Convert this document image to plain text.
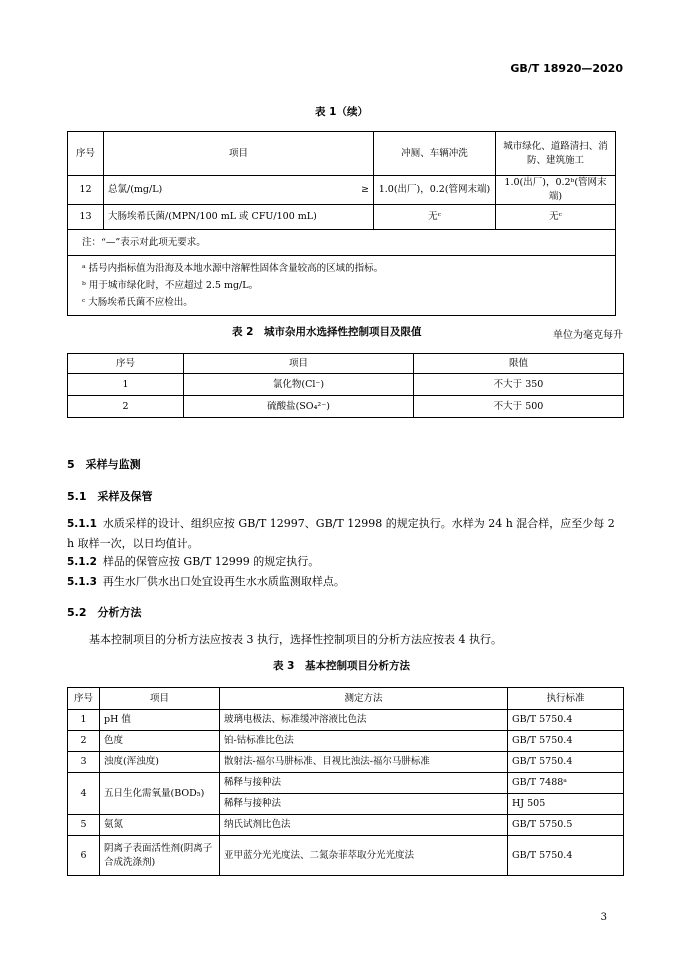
GB/T 18920—2020
表 1（续）
序号	项目	冲厕、车辆冲洗	城市绿化、道路清扫、消防、建筑施工
12	总氯/(mg/L) ≥	1.0(出厂)，0.2(管网末端)	1.0(出厂)，0.2ᵇ(管网末端)
13	大肠埃希氏菌/(MPN/100 mL 或 CFU/100 mL)	无ᶜ	无ᶜ
注：“—”表示对此项无要求。			

ᵃ 括号内指标值为沿海及本地水源中溶解性固体含量较高的区域的指标。
ᵇ 用于城市绿化时，不应超过 2.5 mg/L。
ᶜ 大肠埃希氏菌不应检出。			
表 2　城市杂用水选择性控制项目及限值	单位为毫克每升
序号	项目	限值
1	氯化物(Cl⁻)	不大于 350
2	硫酸盐(SO₄²⁻)	不大于 500
5　采样与监测
5.1　采样及保管
5.1.1 水质采样的设计、组织应按 GB/T 12997、GB/T 12998 的规定执行。水样为 24 h 混合样，应至少每 2 h 取样一次，以日均值计。
5.1.2 样品的保管应按 GB/T 12999 的规定执行。
5.1.3 再生水厂供水出口处宜设再生水水质监测取样点。
5.2　分析方法
基本控制项目的分析方法应按表 3 执行，选择性控制项目的分析方法应按表 4 执行。
表 3　基本控制项目分析方法
序号	项目	测定方法	执行标准
1	pH 值	玻璃电极法、标准缓冲溶液比色法	GB/T 5750.4
2	色度	铂-钴标准比色法	GB/T 5750.4
3	浊度(浑浊度)	散射法-福尔马肼标准、目视比浊法-福尔马肼标准	GB/T 5750.4
4	五日生化需氧量(BOD₅)	稀释与接种法	GB/T 7488ᵃ
		稀释与接种法	HJ 505
5	氨氮	纳氏试剂比色法	GB/T 5750.5
6	阴离子表面活性剂(阴离子合成洗涤剂)	亚甲蓝分光光度法、二氮杂菲萃取分光光度法	GB/T 5750.4
3
